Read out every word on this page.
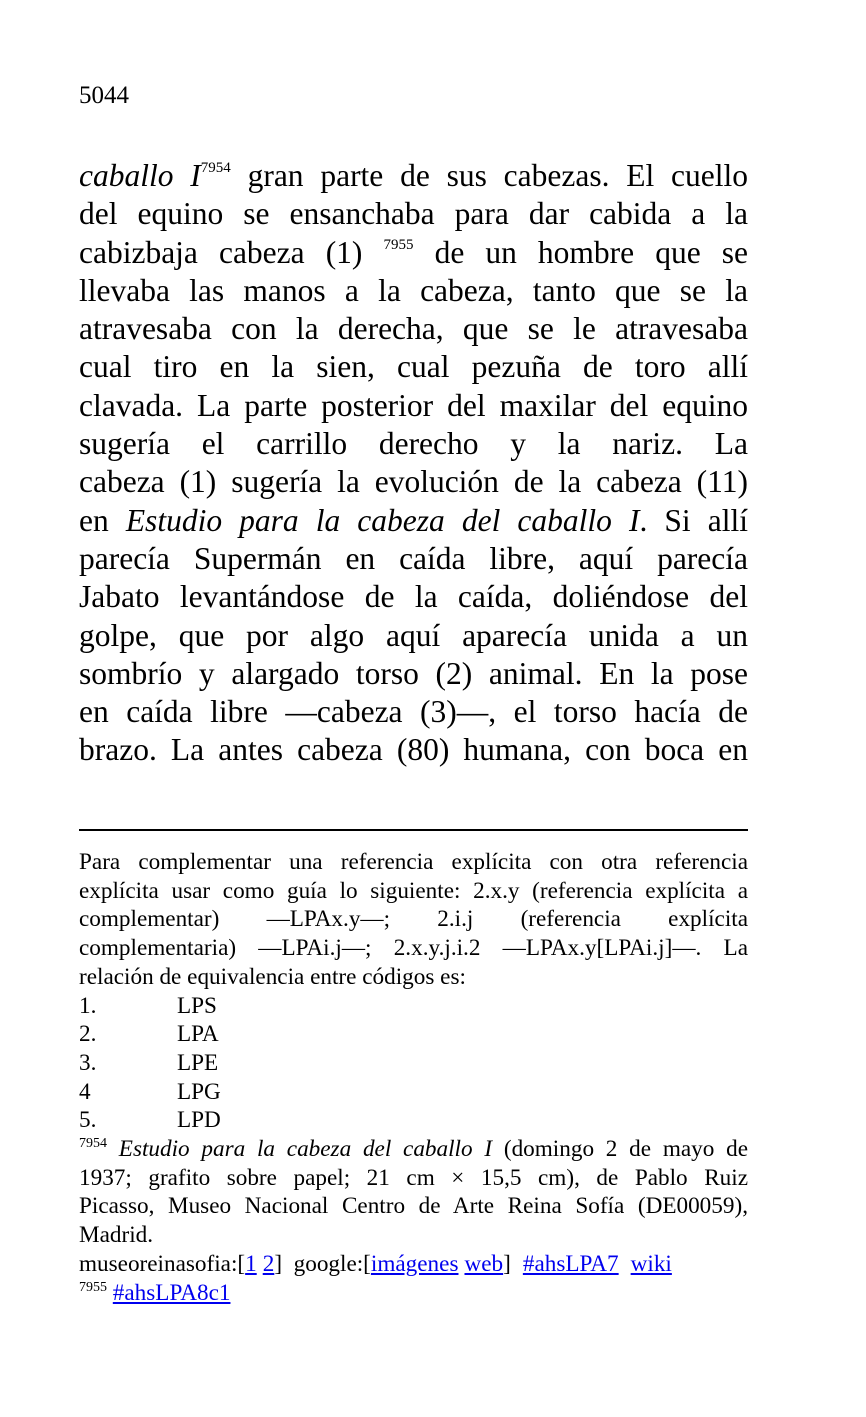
5044
caballo $I^{7954}$ gran parte de sus cabezas. El cuello
del equino se ensanchaba para dar cabida a la
cabizbaja cabeza (1) $^{7955}$ de un hombre que se
llevaba las manos a la cabeza, tanto que se la
atravesaba con la derecha, que se le atravesaba
cual tiro en la sien, cual pezuña de toro allí
clavada. La parte posterior del maxilar del equino
sugería el carrillo derecho y la nariz. La
cabeza (1) sugería la evolución de la cabeza (11)
en Estudio para la cabeza del caballo I. Si allí
parecía Supermán en caída libre, aquí parecía
Jabato levantándose de la caída, doliéndose del
golpe, que por algo aquí aparecía unida a un
sombrío y alargado torso (2) animal. En la pose
en caída libre —cabeza (3)—, el torso hacía de
brazo. La antes cabeza (80) humana, con boca en
Para complementar una referencia explícita con otra referencia
explícita usar como guía lo siguiente: 2.x.y (referencia explícita a
complementar) —LPAx.y—; 2.i.j (referencia explícita
complementaria) —LPAi.j—; 2.x.y.j.i.2 —LPAx.y[LPAi.j]—. La
relación de equivalencia entre códigos es:
1.	LPS
2.	LPA
3.	LPE
4	LPG
5.	LPD
$^{7954}$ Estudio para la cabeza del caballo I (domingo 2 de mayo de
1937; grafito sobre papel; 21 cm × 15,5 cm), de Pablo Ruiz
Picasso, Museo Nacional Centro de Arte Reina Sofía (DE00059),
Madrid.
museoreinasofia:[1 2]  google:[imágenes web] #ahsLPA7 wiki
$^{7955}$ #ahsLPA8c1
